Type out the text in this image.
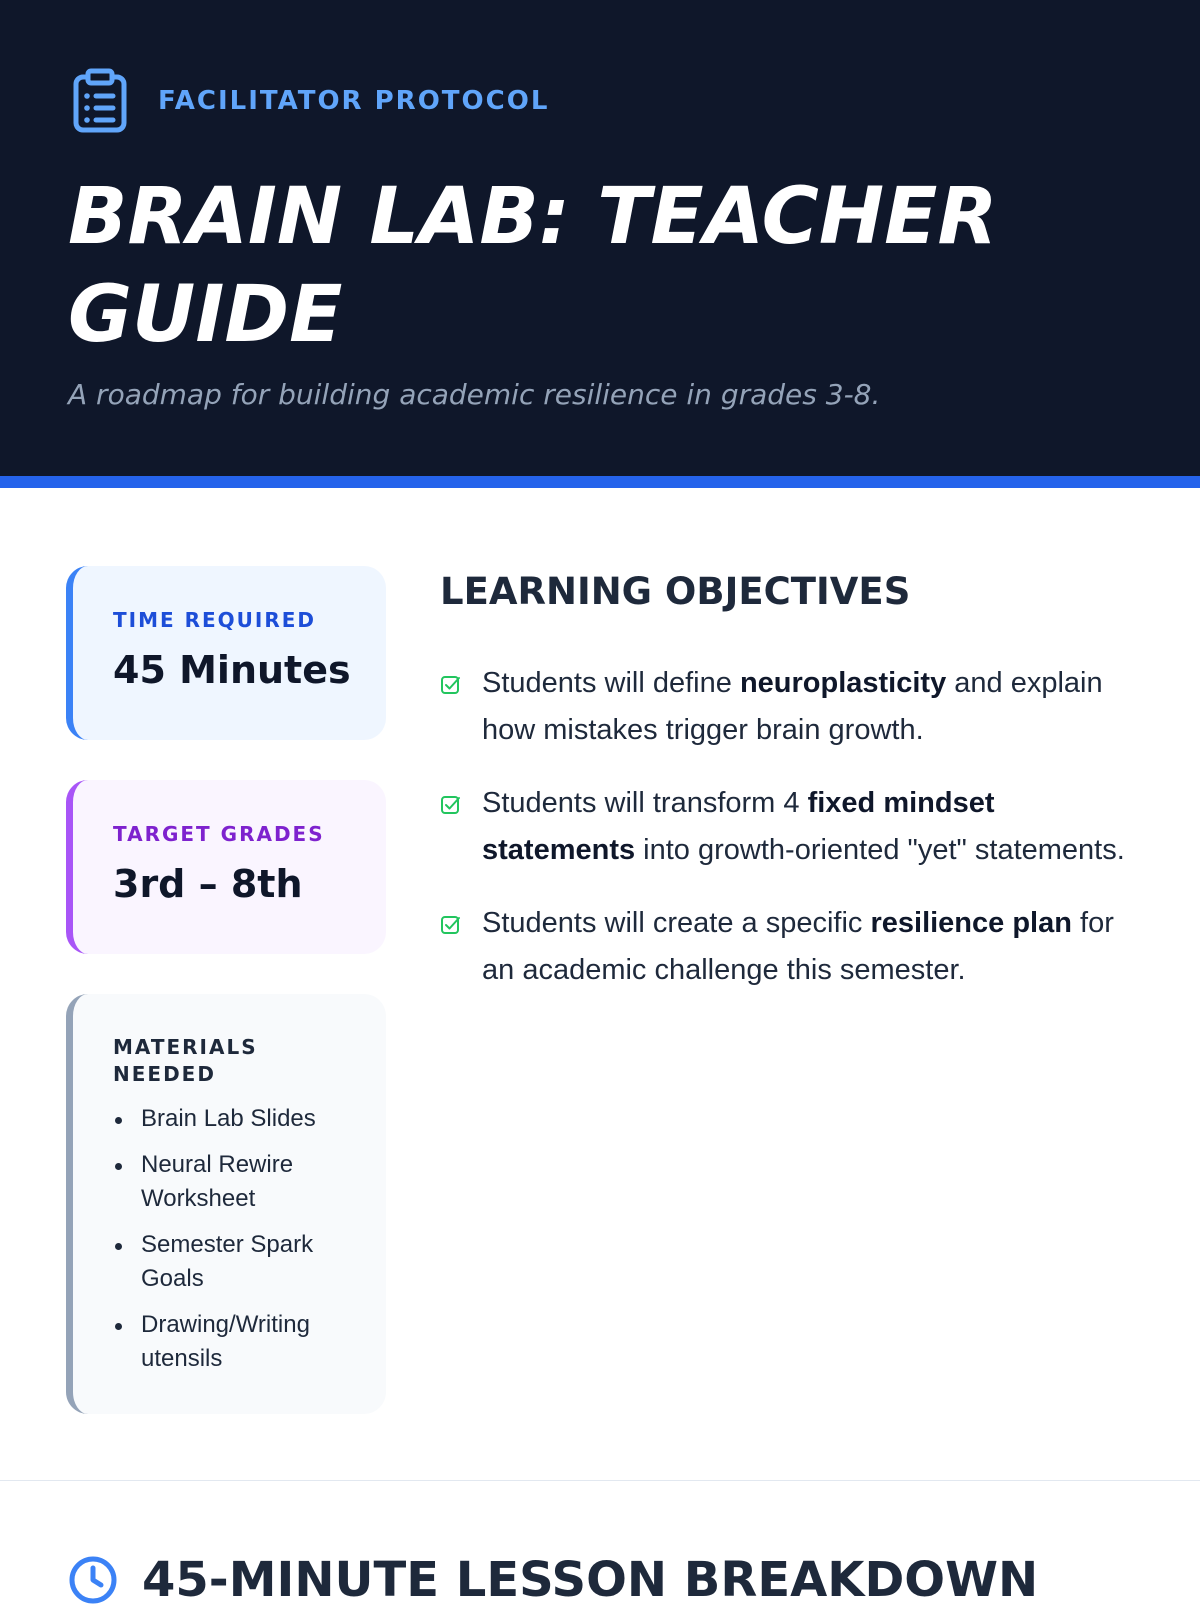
FACILITATOR PROTOCOL
BRAIN LAB: TEACHER GUIDE

A roadmap for building academic resilience in grades 3-8.

TIME REQUIRED
45 Minutes
TARGET GRADES
3rd – 8th
MATERIALS NEEDED
Brain Lab Slides
Neural Rewire Worksheet
Semester Spark Goals
Drawing/Writing utensils
LEARNING OBJECTIVES

Students will define neuroplasticity and explain how mistakes trigger brain growth.

Students will transform 4 fixed mindset statements into growth-oriented "yet" statements.

Students will create a specific resilience plan for an academic challenge this semester.

45-MINUTE LESSON BREAKDOWN
